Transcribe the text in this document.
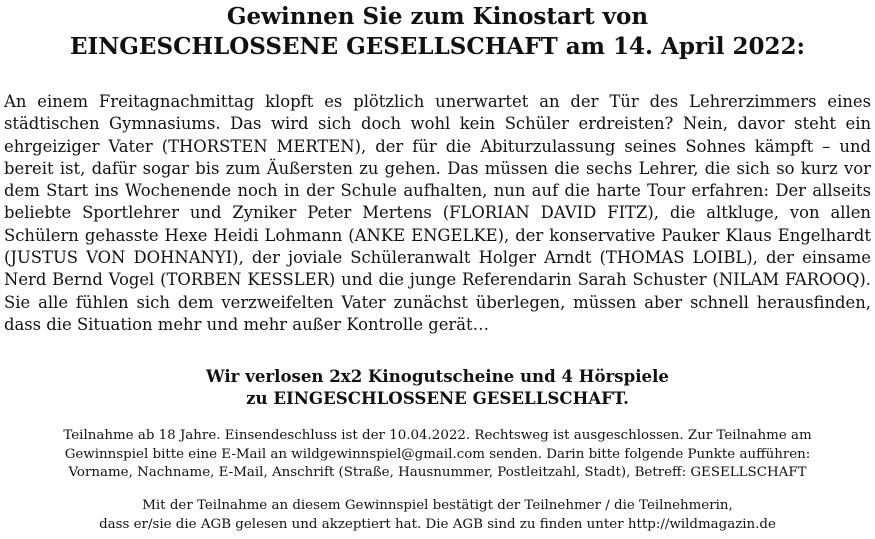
Gewinnen Sie zum Kinostart von
EINGESCHLOSSENE GESELLSCHAFT am 14. April 2022:

An einem Freitagnachmittag klopft es plötzlich unerwartet an der Tür des Lehrerzimmers eines städtischen Gymnasiums. Das wird sich doch wohl kein Schüler erdreisten? Nein, davor steht ein ehrgeiziger Vater (THORSTEN MERTEN), der für die Abiturzulassung seines Sohnes kämpft – und bereit ist, dafür sogar bis zum Äußersten zu gehen. Das müssen die sechs Lehrer, die sich so kurz vor dem Start ins Wochenende noch in der Schule aufhalten, nun auf die harte Tour erfahren: Der allseits beliebte Sportlehrer und Zyniker Peter Mertens (FLORIAN DAVID FITZ), die altkluge, von allen Schülern gehasste Hexe Heidi Lohmann (ANKE ENGELKE), der konservative Pauker Klaus Engelhardt (JUSTUS VON DOHNANYI), der joviale Schüleranwalt Holger Arndt (THOMAS LOIBL), der einsame Nerd Bernd Vogel (TORBEN KESSLER) und die junge Referendarin Sarah Schuster (NILAM FAROOQ). Sie alle fühlen sich dem verzweifelten Vater zunächst überlegen, müssen aber schnell herausfinden, dass die Situation mehr und mehr außer Kontrolle gerät…

Wir verlosen 2x2 Kinogutscheine und 4 Hörspiele
zu EINGESCHLOSSENE GESELLSCHAFT.

Teilnahme ab 18 Jahre. Einsendeschluss ist der 10.04.2022. Rechtsweg ist ausgeschlossen. Zur Teilnahme am
Gewinnspiel bitte eine E-Mail an wildgewinnspiel@gmail.com senden. Darin bitte folgende Punkte aufführen:
Vorname, Nachname, E-Mail, Anschrift (Straße, Hausnummer, Postleitzahl, Stadt), Betreff: GESELLSCHAFT

Mit der Teilnahme an diesem Gewinnspiel bestätigt der Teilnehmer / die Teilnehmerin,
dass er/sie die AGB gelesen und akzeptiert hat. Die AGB sind zu finden unter http://wildmagazin.de
